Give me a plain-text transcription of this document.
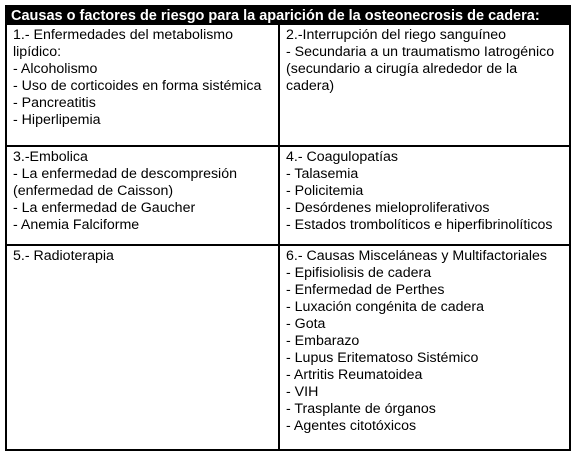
Causas o factores de riesgo para la aparición de la osteonecrosis de cadera:
1.- Enfermedades del metabolismo lipídico:
- Alcoholismo
- Uso de corticoides en forma sistémica
- Pancreatitis
- Hiperlipemia
2.-Interrupción del riego sanguíneo
- Secundaria a un traumatismo Iatrogénico (secundario a cirugía alrededor de la cadera)
3.-Embolica
- La enfermedad de descompresión (enfermedad de Caisson)
- La enfermedad de Gaucher
- Anemia Falciforme
4.- Coagulopatías
- Talasemia
- Policitemia
- Desórdenes mieloproliferativos
- Estados trombolíticos e hiperfibrinolíticos
5.- Radioterapia	6.- Causas Misceláneas y Multifactoriales
- Epifisiolisis de cadera
- Enfermedad de Perthes
- Luxación congénita de cadera
- Gota
- Embarazo
- Lupus Eritematoso Sistémico
- Artritis Reumatoidea
- VIH
- Trasplante de órganos
- Agentes citotóxicos
